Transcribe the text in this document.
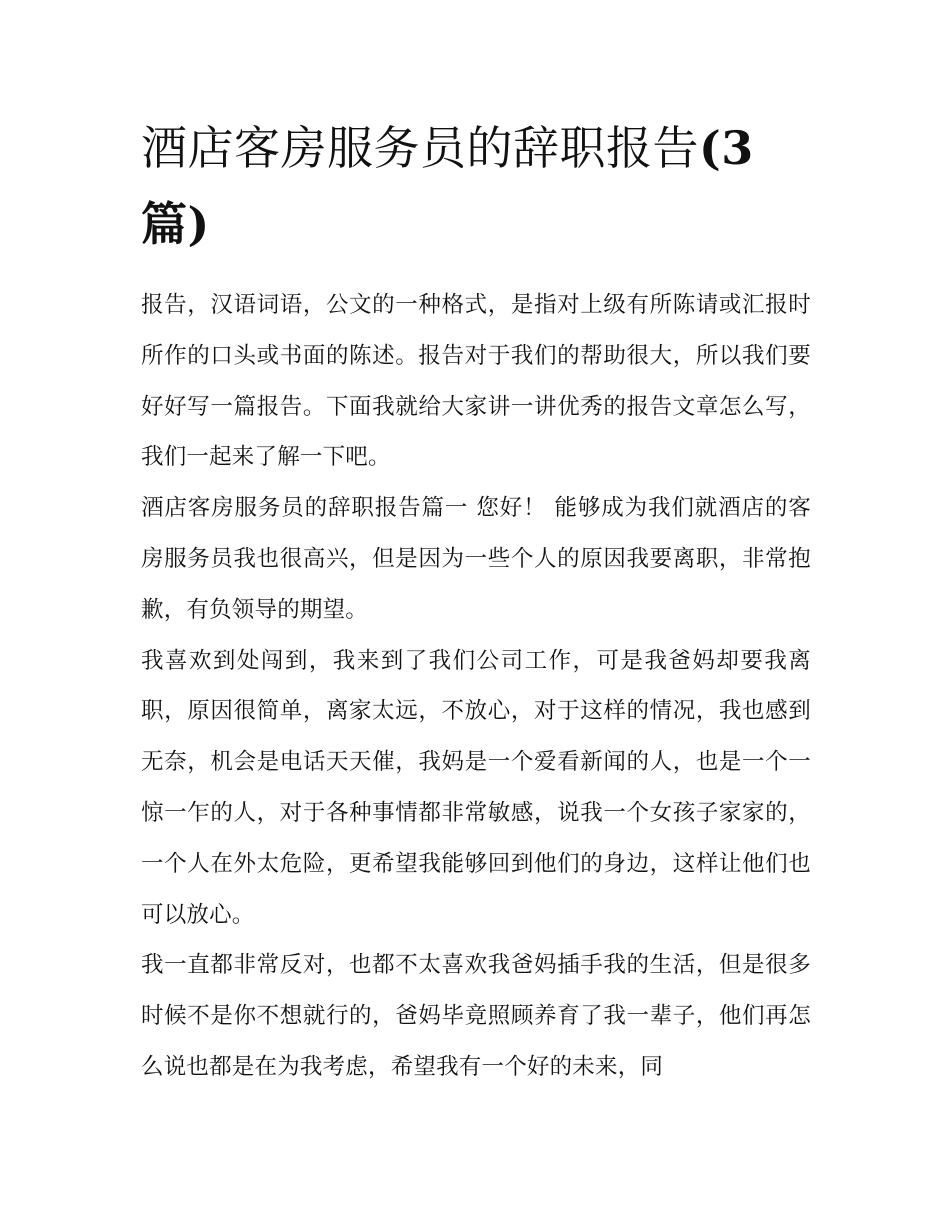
酒店客房服务员的辞职报告(3篇)

报告，汉语词语，公文的一种格式，是指对上级有所陈请或汇报时所作的口头或书面的陈述。报告对于我们的帮助很大，所以我们要好好写一篇报告。下面我就给大家讲一讲优秀的报告文章怎么写，我们一起来了解一下吧。

酒店客房服务员的辞职报告篇一 您好！ 能够成为我们就酒店的客房服务员我也很高兴，但是因为一些个人的原因我要离职，非常抱歉，有负领导的期望。

我喜欢到处闯到，我来到了我们公司工作，可是我爸妈却要我离职，原因很简单，离家太远，不放心，对于这样的情况，我也感到无奈，机会是电话天天催，我妈是一个爱看新闻的人，也是一个一惊一乍的人，对于各种事情都非常敏感，说我一个女孩子家家的，一个人在外太危险，更希望我能够回到他们的身边，这样让他们也可以放心。

我一直都非常反对，也都不太喜欢我爸妈插手我的生活，但是很多时候不是你不想就行的，爸妈毕竟照顾养育了我一辈子，他们再怎么说也都是在为我考虑，希望我有一个好的未来，同
